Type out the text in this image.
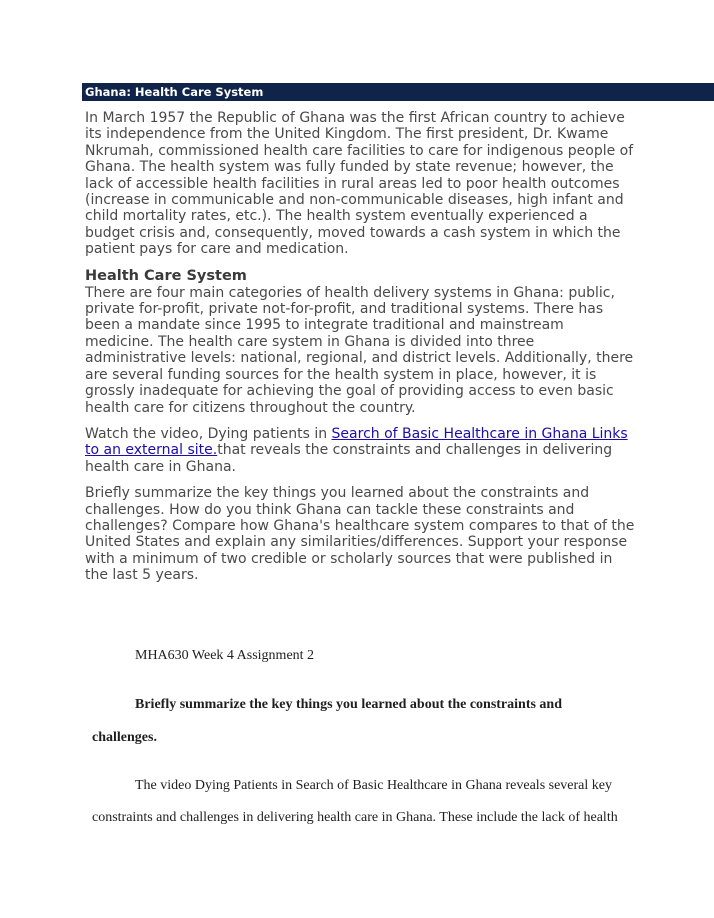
Ghana: Health Care System

In March 1957 the Republic of Ghana was the first African country to achieve its independence from the United Kingdom. The first president, Dr. Kwame Nkrumah, commissioned health care facilities to care for indigenous people of Ghana. The health system was fully funded by state revenue; however, the lack of accessible health facilities in rural areas led to poor health outcomes (increase in communicable and non-communicable diseases, high infant and child mortality rates, etc.). The health system eventually experienced a budget crisis and, consequently, moved towards a cash system in which the patient pays for care and medication.

Health Care System

There are four main categories of health delivery systems in Ghana: public, private for-profit, private not-for-profit, and traditional systems. There has been a mandate since 1995 to integrate traditional and mainstream medicine. The health care system in Ghana is divided into three administrative levels: national, regional, and district levels. Additionally, there are several funding sources for the health system in place, however, it is grossly inadequate for achieving the goal of providing access to even basic health care for citizens throughout the country.

Watch the video, Dying patients in Search of Basic Healthcare in Ghana Links to an external site.that reveals the constraints and challenges in delivering health care in Ghana.

Briefly summarize the key things you learned about the constraints and challenges. How do you think Ghana can tackle these constraints and challenges? Compare how Ghana's healthcare system compares to that of the United States and explain any similarities/differences. Support your response with a minimum of two credible or scholarly sources that were published in the last 5 years.

MHA630 Week 4 Assignment 2
Briefly summarize the key things you learned about the constraints and
challenges.
The video Dying Patients in Search of Basic Healthcare in Ghana reveals several key
constraints and challenges in delivering health care in Ghana. These include the lack of health
